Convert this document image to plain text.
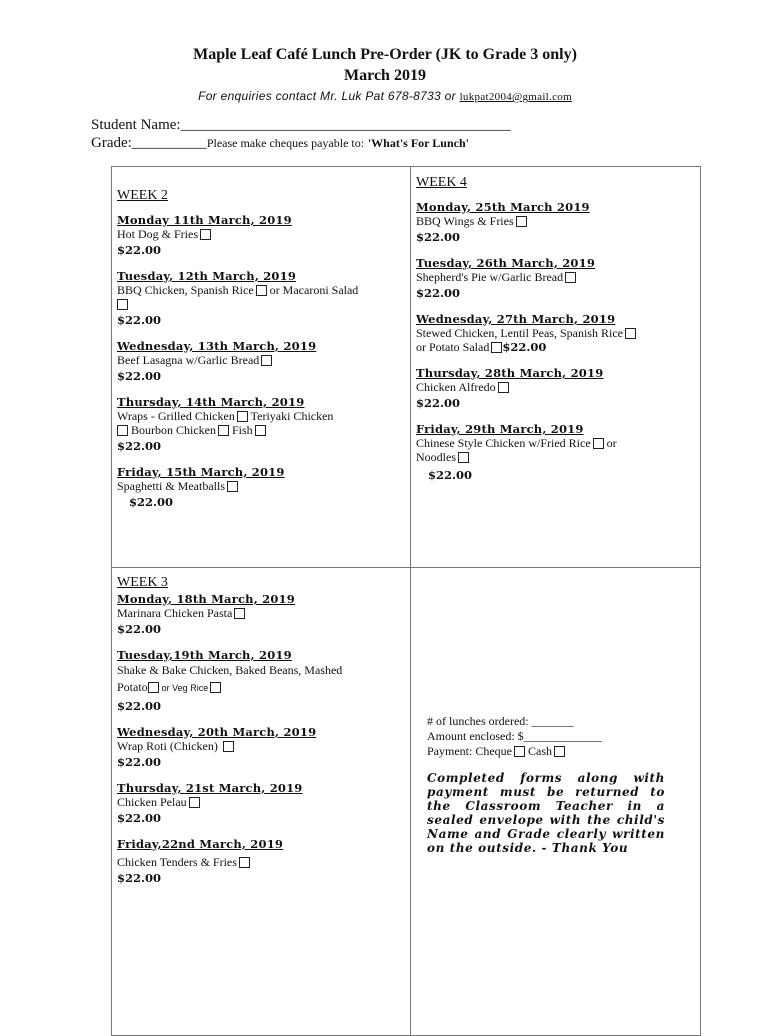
Maple Leaf Café Lunch Pre-Order (JK to Grade 3 only)
March 2019
For enquiries contact Mr. Luk Pat 678-8733 or lukpat2004@gmail.com
Student Name:____________________________________________
Grade:__________Please make cheques payable to: 'What's For Lunch'
WEEK 2
Monday 11th March, 2019
Hot Dog & Fries
$22.00
Tuesday, 12th March, 2019
BBQ Chicken, Spanish Rice or Macaroni Salad

$22.00
Wednesday, 13th March, 2019
Beef Lasagna w/Garlic Bread
$22.00
Thursday, 14th March, 2019
Wraps - Grilled Chicken Teriyaki Chicken
Bourbon Chicken Fish
$22.00
Friday, 15th March, 2019
Spaghetti & Meatballs
$22.00
WEEK 4
Monday, 25th March 2019
BBQ Wings & Fries
$22.00
Tuesday, 26th March, 2019
Shepherd's Pie w/Garlic Bread
$22.00
Wednesday, 27th March, 2019
Stewed Chicken, Lentil Peas, Spanish Rice
or Potato Salad $22.00
Thursday, 28th March, 2019
Chicken Alfredo
$22.00
Friday, 29th March, 2019
Chinese Style Chicken w/Fried Rice or
Noodles
$22.00
WEEK 3
Monday, 18th March, 2019
Marinara Chicken Pasta
$22.00
Tuesday,19th March, 2019
Shake & Bake Chicken, Baked Beans, Mashed
Potato or Veg Rice
$22.00
Wednesday, 20th March, 2019
Wrap Roti (Chicken)
$22.00
Thursday, 21st March, 2019
Chicken Pelau
$22.00
Friday,22nd March, 2019
Chicken Tenders & Fries
$22.00
# of lunches ordered: _______
Amount enclosed: $_____________
Payment: Cheque Cash
Completed forms along with payment must be returned to the Classroom Teacher in a sealed envelope with the child's Name and Grade clearly written on the outside. - Thank You
